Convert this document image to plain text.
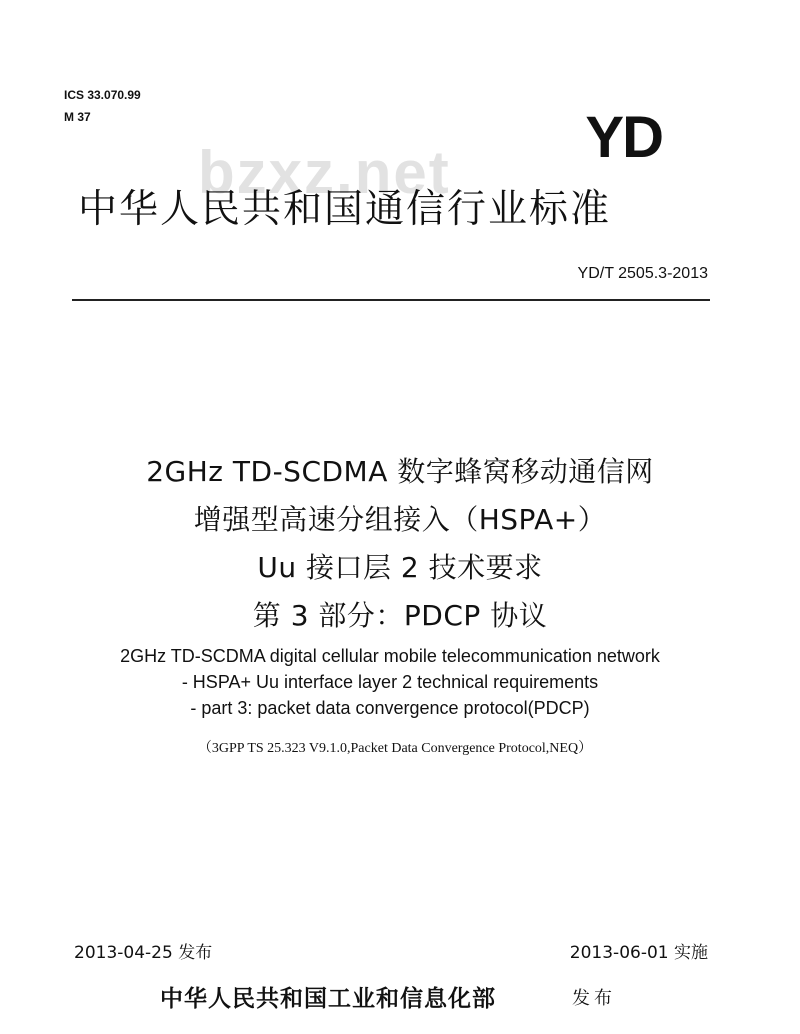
ICS 33.070.99
M 37
bzxz.net
YD
中华人民共和国通信行业标准
YD/T 2505.3-2013
2GHz TD-SCDMA 数字蜂窝移动通信网
增强型高速分组接入（HSPA+）
Uu 接口层 2 技术要求
第 3 部分：PDCP 协议
2GHz TD-SCDMA digital cellular mobile telecommunication network
- HSPA+ Uu interface layer 2 technical requirements
- part 3: packet data convergence protocol(PDCP)
（3GPP TS 25.323 V9.1.0,Packet Data Convergence Protocol,NEQ）
2013-04-25 发布	2013-06-01 实施
中华人民共和国工业和信息化部	发布
